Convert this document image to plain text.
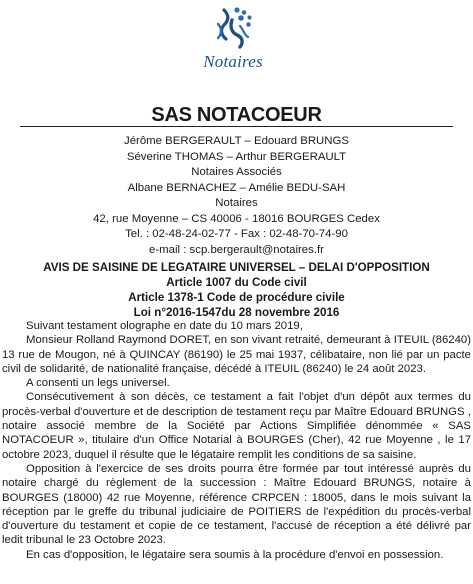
Notaires
SAS NOTACOEUR
Jérôme BERGERAULT – Edouard BRUNGS
Séverine THOMAS – Arthur BERGERAULT
Notaires Associés
Albane BERNACHEZ – Amélie BEDU-SAH
Notaires
42, rue Moyenne – CS 40006 - 18016 BOURGES Cedex
Tel. : 02-48-24-02-77 - Fax : 02-48-70-74-90
e-mail : scp.bergerault@notaires.fr
AVIS DE SAISINE DE LEGATAIRE UNIVERSEL – DELAI D'OPPOSITION
Article 1007 du Code civil
Article 1378-1 Code de procédure civile
Loi n°2016-1547du 28 novembre 2016

Suivant testament olographe en date du 10 mars 2019,

Monsieur Rolland Raymond DORET, en son vivant retraité, demeurant à ITEUIL (86240) 13 rue de Mougon, né à QUINCAY (86190) le 25 mai 1937, célibataire, non lié par un pacte civil de solidarité, de nationalité française, décédé à ITEUIL (86240) le 24 août 2023.

A consenti un legs universel.

Consécutivement à son décès, ce testament a fait l'objet d'un dépôt aux termes du procès-verbal d'ouverture et de description de testament reçu par Maître Edouard BRUNGS , notaire associé membre de la Société par Actions Simplifiée dénommée « SAS NOTACOEUR », titulaire d'un Office Notarial à BOURGES (Cher), 42 rue Moyenne , le 17 octobre 2023, duquel il résulte que le légataire remplit les conditions de sa saisine.

Opposition à l'exercice de ses droits pourra être formée par tout intéressé auprès du notaire chargé du règlement de la succession : Maître Edouard BRUNGS, notaire à BOURGES (18000) 42 rue Moyenne, référence CRPCEN : 18005, dans le mois suivant la réception par le greffe du tribunal judiciaire de POITIERS de l'expédition du procès-verbal d'ouverture du testament et copie de ce testament, l'accusé de réception a été délivré par ledit tribunal le 23 Octobre 2023.

En cas d'opposition, le légataire sera soumis à la procédure d'envoi en possession.
